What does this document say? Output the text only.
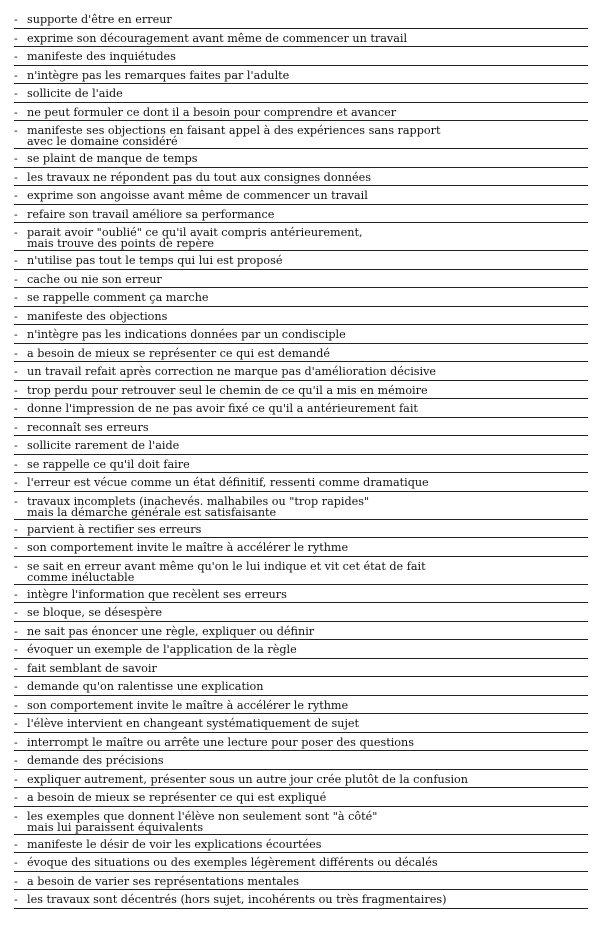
- supporte d'être en erreur
- exprime son découragement avant même de commencer un travail
- manifeste des inquiétudes
- n'intègre pas les remarques faites par l'adulte
- sollicite de l'aide
- ne peut formuler ce dont il a besoin pour comprendre et avancer
- manifeste ses objections en faisant appel à des expériences sans rapport
avec le domaine considéré
- se plaint de manque de temps
- les travaux ne répondent pas du tout aux consignes données
- exprime son angoisse avant même de commencer un travail
- refaire son travail améliore sa performance
- parait avoir "oublié" ce qu'il avait compris antérieurement,
mais trouve des points de repère
- n'utilise pas tout le temps qui lui est proposé
- cache ou nie son erreur
- se rappelle comment ça marche
- manifeste des objections
- n'intègre pas les indications données par un condisciple
- a besoin de mieux se représenter ce qui est demandé
- un travail refait après correction ne marque pas d'amélioration décisive
- trop perdu pour retrouver seul le chemin de ce qu'il a mis en mémoire
- donne l'impression de ne pas avoir fixé ce qu'il a antérieurement fait
- reconnaît ses erreurs
- sollicite rarement de l'aide
- se rappelle ce qu'il doit faire
- l'erreur est vécue comme un état définitif, ressenti comme dramatique
- travaux incomplets (inachevés. malhabiles ou "trop rapides"
mais la démarche générale est satisfaisante
- parvient à rectifier ses erreurs
- son comportement invite le maître à accélérer le rythme
- se sait en erreur avant même qu'on le lui indique et vit cet état de fait
comme inéluctable
- intègre l'information que recèlent ses erreurs
- se bloque, se désespère
- ne sait pas énoncer une règle, expliquer ou définir
- évoquer un exemple de l'application de la règle
- fait semblant de savoir
- demande qu'on ralentisse une explication
- son comportement invite le maître à accélérer le rythme
- l'élève intervient en changeant systématiquement de sujet
- interrompt le maître ou arrête une lecture pour poser des questions
- demande des précisions
- expliquer autrement, présenter sous un autre jour crée plutôt de la confusion
- a besoin de mieux se représenter ce qui est expliqué
- les exemples que donnent l'élève non seulement sont "à côté"
mais lui paraissent équivalents
- manifeste le désir de voir les explications écourtées
- évoque des situations ou des exemples légèrement différents ou décalés
- a besoin de varier ses représentations mentales
- les travaux sont décentrés (hors sujet, incohérents ou très fragmentaires)
